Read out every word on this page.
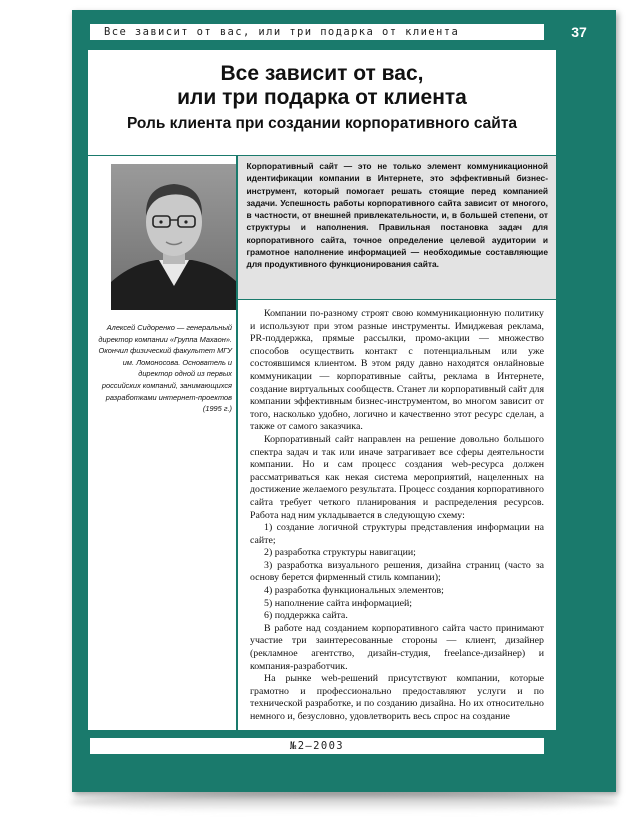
Все зависит от вас, или три подарка от клиента	37
Все зависит от вас,
или три подарка от клиента
Роль клиента при создании корпоративного сайта

Корпоративный сайт — это не только элемент коммуникационной идентификации компании в Интернете, это эффективный бизнес-инструмент, который помогает решать стоящие перед компанией задачи. Успешность работы корпоративного сайта зависит от многого, в частности, от внешней привлекательности, и, в большей степени, от структуры и наполнения. Правильная постановка задач для корпоративного сайта, точное определение целевой аудитории и грамотное наполнение информацией — необходимые составляющие для продуктивного функционирования сайта.

Алексей Сидоренко — генеральный директор компании «Группа Махаон». Окончил физический факультет МГУ им. Ломоносова. Основатель и директор одной из первых российских компаний, занимающихся разработками интернет-проектов (1995 г.)

Компании по-разному строят свою коммуникационную политику и используют при этом разные инструменты. Имиджевая реклама, PR-поддержка, прямые рассылки, промо-акции — множество способов осуществить контакт с потенциальным или уже состоявшимся клиентом. В этом ряду давно находятся онлайновые коммуникации — корпоративные сайты, реклама в Интернете, создание виртуальных сообществ. Станет ли корпоративный сайт для компании эффективным бизнес-инструментом, во многом зависит от того, насколько удобно, логично и качественно этот ресурс сделан, а также от самого заказчика.

Корпоративный сайт направлен на решение довольно большого спектра задач и так или иначе затрагивает все сферы деятельности компании. Но и сам процесс создания web-ресурса должен рассматриваться как некая система мероприятий, нацеленных на достижение желаемого результата. Процесс создания корпоративного сайта требует четкого планирования и распределения ресурсов. Работа над ним укладывается в следующую схему:

1) создание логичной структуры представления информации на сайте;

2) разработка структуры навигации;

3) разработка визуального решения, дизайна страниц (часто за основу берется фирменный стиль компании);

4) разработка функциональных элементов;

5) наполнение сайта информацией;

6) поддержка сайта.

В работе над созданием корпоративного сайта часто принимают участие три заинтересованные стороны — клиент, дизайнер (рекламное агентство, дизайн-студия, freelance-дизайнер) и компания-разработчик.

На рынке web-решений присутствуют компании, которые грамотно и профессионально предоставляют услуги и по технической разработке, и по созданию дизайна. Но их относительно немного и, безусловно, удовлетворить весь спрос на создание

№2–2003
